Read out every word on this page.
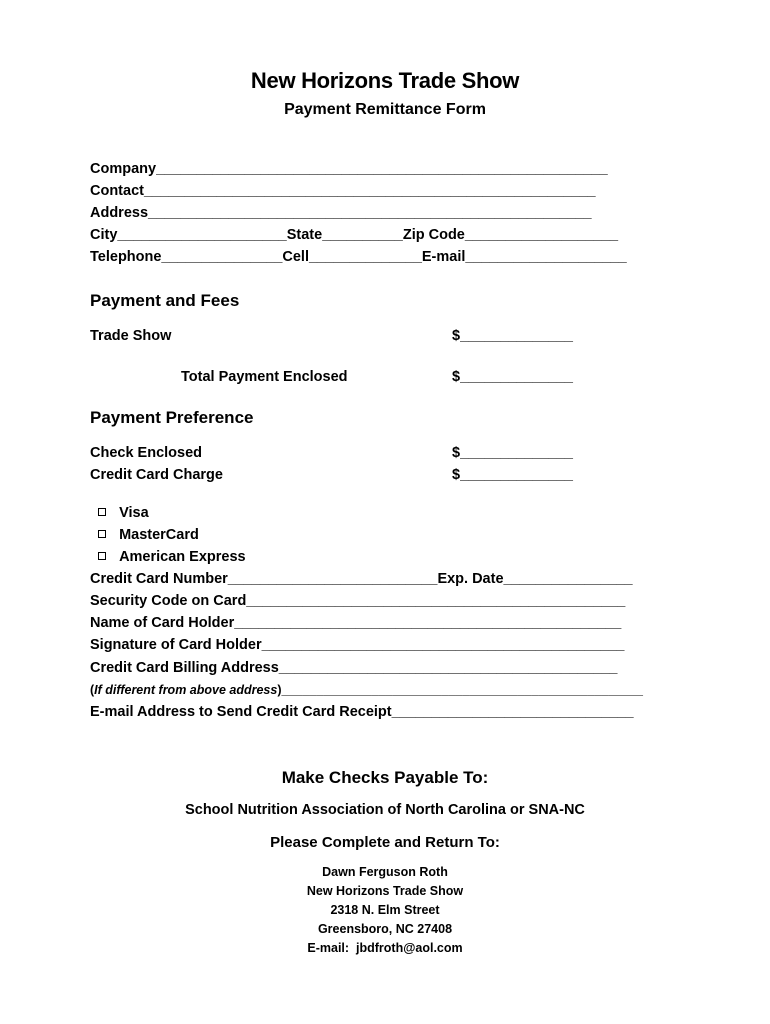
New Horizons Trade Show
Payment Remittance Form
Company________________________________________________________
Contact________________________________________________________
Address_______________________________________________________
City_____________________State__________Zip Code___________________
Telephone_______________Cell______________E-mail____________________
Payment and Fees
Trade Show	$______________
Total Payment Enclosed	$______________
Payment Preference
Check Enclosed	$______________
Credit Card Charge	$______________

Visa

MasterCard

American Express

Credit Card Number__________________________Exp. Date________________
Security Code on Card_______________________________________________
Name of Card Holder________________________________________________
Signature of Card Holder_____________________________________________
Credit Card Billing Address__________________________________________
(If different from above address)____________________________________________________
E-mail Address to Send Credit Card Receipt______________________________
Make Checks Payable To:
School Nutrition Association of North Carolina or SNA-NC
Please Complete and Return To:
Dawn Ferguson Roth
New Horizons Trade Show
2318 N. Elm Street
Greensboro, NC 27408
E-mail:  jbdfroth@aol.com
